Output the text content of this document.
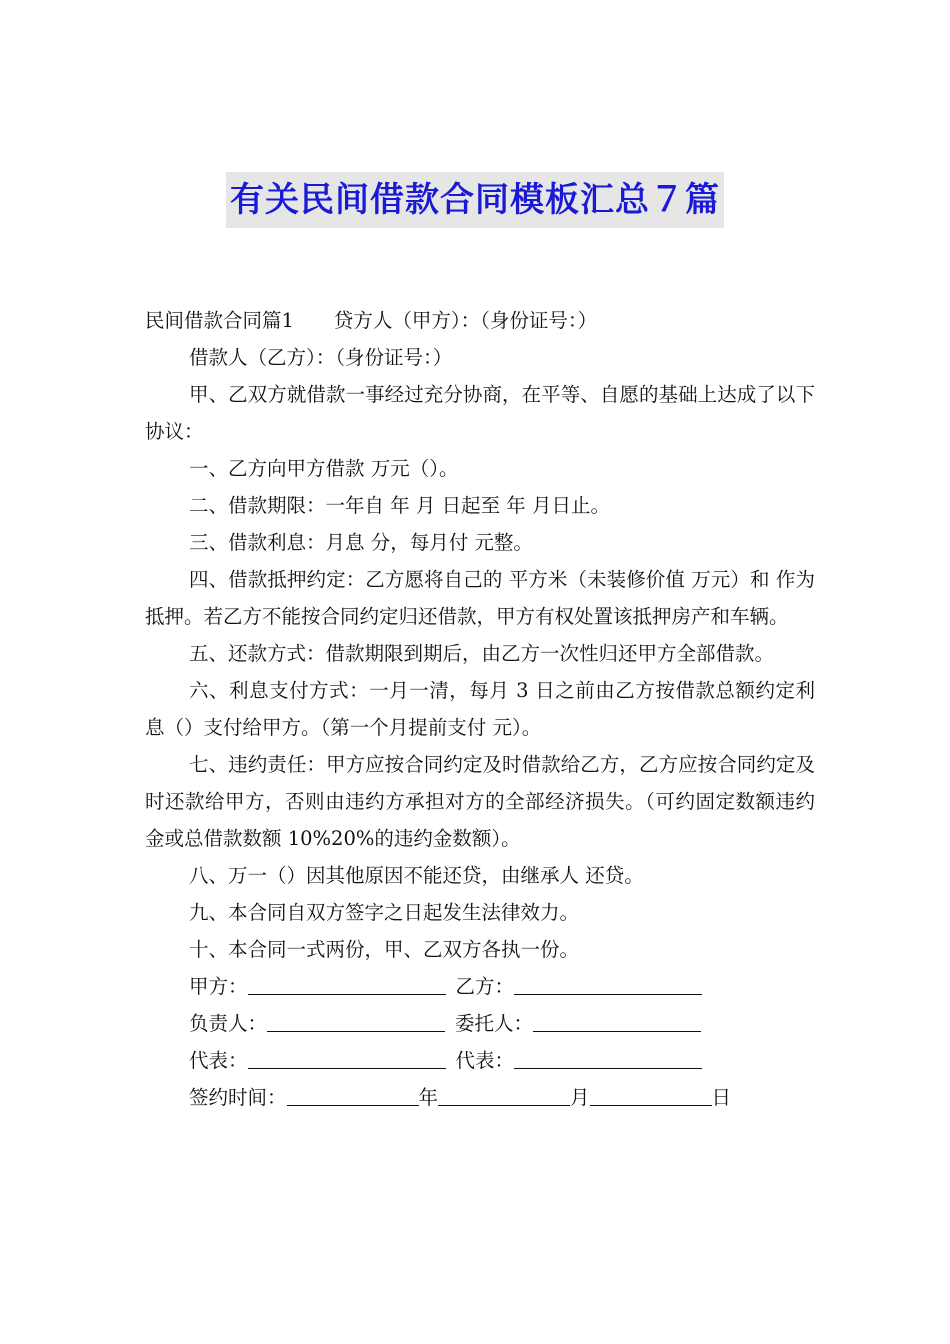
有关民间借款合同模板汇总７篇

民间借款合同篇1 贷方人（甲方）：（身份证号：）

借款人（乙方）：（身份证号：）

甲、乙双方就借款一事经过充分协商，在平等、自愿的基础上达成了以下协议：

一、乙方向甲方借款 万元（）。

二、借款期限：一年自 年 月 日起至 年 月日止。

三、借款利息：月息 分，每月付 元整。

四、借款抵押约定：乙方愿将自己的 平方米（未装修价值 万元）和 作为抵押。若乙方不能按合同约定归还借款，甲方有权处置该抵押房产和车辆。

五、还款方式：借款期限到期后，由乙方一次性归还甲方全部借款。

六、利息支付方式：一月一清，每月 3 日之前由乙方按借款总额约定利息（）支付给甲方。（第一个月提前支付 元）。

七、违约责任：甲方应按合同约定及时借款给乙方，乙方应按合同约定及时还款给甲方，否则由违约方承担对方的全部经济损失。（可约固定数额违约金或总借款数额 10%20%的违约金数额）。

八、万一（）因其他原因不能还贷，由继承人 还贷。

九、本合同自双方签字之日起发生法律效力。

十、本合同一式两份，甲、乙双方各执一份。

甲方：	乙方：

负责人：	委托人：

代表：	代表：

签约时间：	年	月	日
